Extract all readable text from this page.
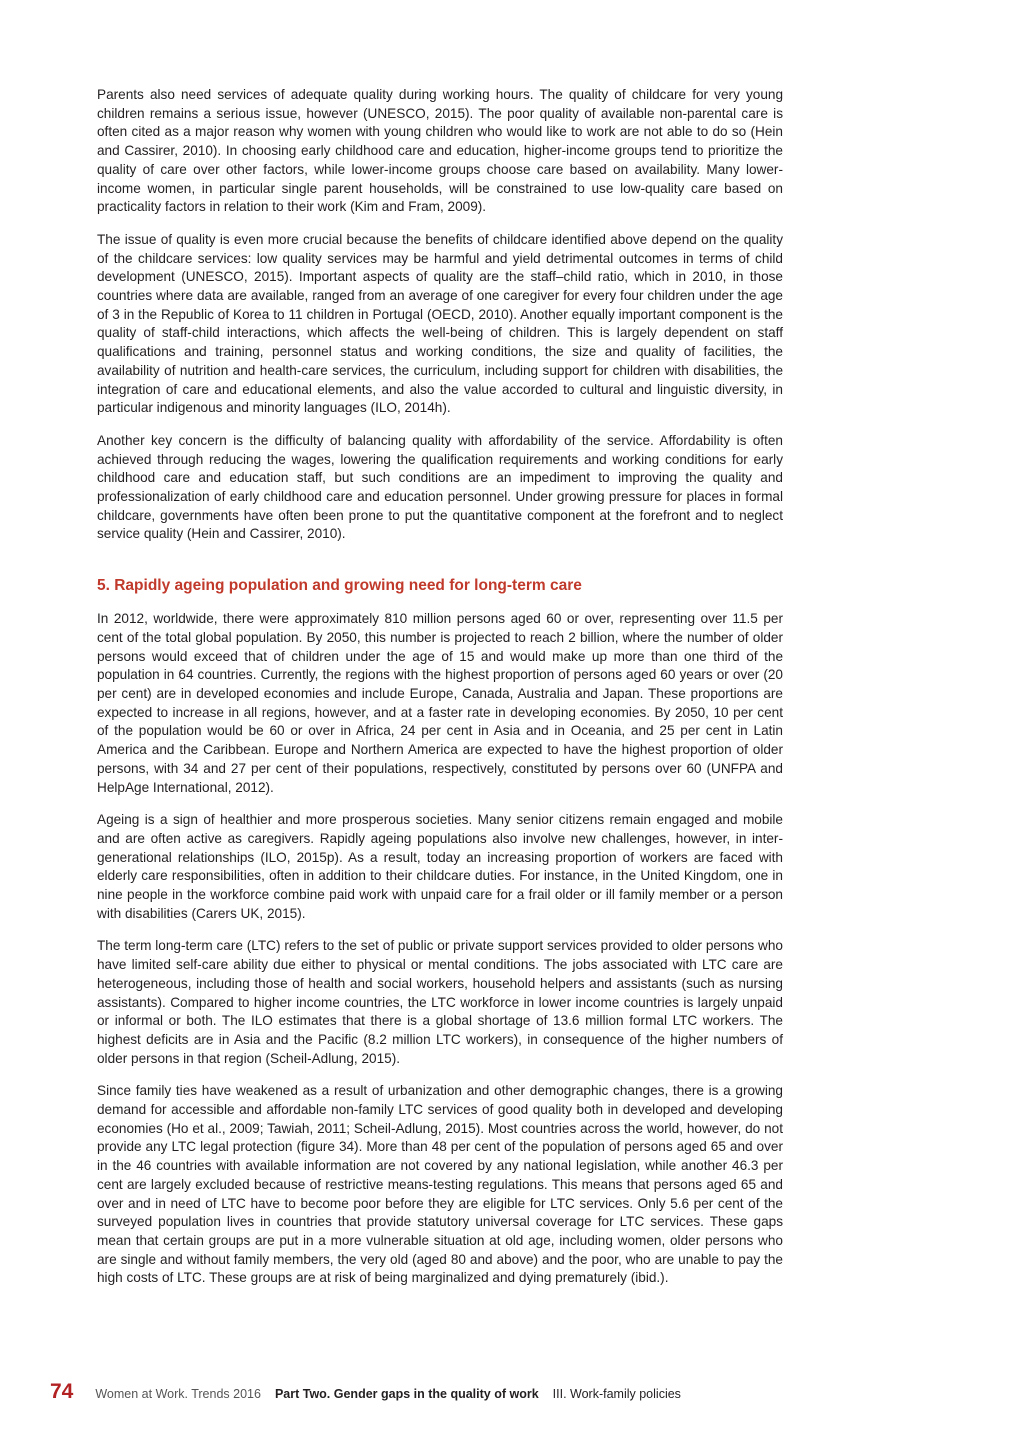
Parents also need services of adequate quality during working hours. The quality of childcare for very young children remains a serious issue, however (UNESCO, 2015). The poor quality of available non-parental care is often cited as a major reason why women with young children who would like to work are not able to do so (Hein and Cassirer, 2010). In choosing early childhood care and education, higher-income groups tend to prioritize the quality of care over other factors, while lower-income groups choose care based on availability. Many lower-income women, in particular single parent households, will be constrained to use low-quality care based on practicality factors in relation to their work (Kim and Fram, 2009).

The issue of quality is even more crucial because the benefits of childcare identified above depend on the quality of the childcare services: low quality services may be harmful and yield detrimental outcomes in terms of child development (UNESCO, 2015). Important aspects of quality are the staff–child ratio, which in 2010, in those countries where data are available, ranged from an average of one caregiver for every four children under the age of 3 in the Republic of Korea to 11 children in Portugal (OECD, 2010). Another equally important component is the quality of staff-child interactions, which affects the well-being of children. This is largely dependent on staff qualifications and training, personnel status and working conditions, the size and quality of facilities, the availability of nutrition and health-care services, the curriculum, including support for children with disabilities, the integration of care and educational elements, and also the value accorded to cultural and linguistic diversity, in particular indigenous and minority languages (ILO, 2014h).

Another key concern is the difficulty of balancing quality with affordability of the service. Affordability is often achieved through reducing the wages, lowering the qualification requirements and working conditions for early childhood care and education staff, but such conditions are an impediment to improving the quality and professionalization of early childhood care and education personnel. Under growing pressure for places in formal childcare, governments have often been prone to put the quantitative component at the forefront and to neglect service quality (Hein and Cassirer, 2010).

5. Rapidly ageing population and growing need for long-term care

In 2012, worldwide, there were approximately 810 million persons aged 60 or over, representing over 11.5 per cent of the total global population. By 2050, this number is projected to reach 2 billion, where the number of older persons would exceed that of children under the age of 15 and would make up more than one third of the population in 64 countries. Currently, the regions with the highest proportion of persons aged 60 years or over (20 per cent) are in developed economies and include Europe, Canada, Australia and Japan. These proportions are expected to increase in all regions, however, and at a faster rate in developing economies. By 2050, 10 per cent of the population would be 60 or over in Africa, 24 per cent in Asia and in Oceania, and 25 per cent in Latin America and the Caribbean. Europe and Northern America are expected to have the highest proportion of older persons, with 34 and 27 per cent of their populations, respectively, constituted by persons over 60 (UNFPA and HelpAge International, 2012).

Ageing is a sign of healthier and more prosperous societies. Many senior citizens remain engaged and mobile and are often active as caregivers. Rapidly ageing populations also involve new challenges, however, in inter-generational relationships (ILO, 2015p). As a result, today an increasing proportion of workers are faced with elderly care responsibilities, often in addition to their childcare duties. For instance, in the United Kingdom, one in nine people in the workforce combine paid work with unpaid care for a frail older or ill family member or a person with disabilities (Carers UK, 2015).

The term long-term care (LTC) refers to the set of public or private support services provided to older persons who have limited self-care ability due either to physical or mental conditions. The jobs associated with LTC care are heterogeneous, including those of health and social workers, household helpers and assistants (such as nursing assistants). Compared to higher income countries, the LTC workforce in lower income countries is largely unpaid or informal or both. The ILO estimates that there is a global shortage of 13.6 million formal LTC workers. The highest deficits are in Asia and the Pacific (8.2 million LTC workers), in consequence of the higher numbers of older persons in that region (Scheil-Adlung, 2015).

Since family ties have weakened as a result of urbanization and other demographic changes, there is a growing demand for accessible and affordable non-family LTC services of good quality both in developed and developing economies (Ho et al., 2009; Tawiah, 2011; Scheil-Adlung, 2015). Most countries across the world, however, do not provide any LTC legal protection (figure 34). More than 48 per cent of the population of persons aged 65 and over in the 46 countries with available information are not covered by any national legislation, while another 46.3 per cent are largely excluded because of restrictive means-testing regulations. This means that persons aged 65 and over and in need of LTC have to become poor before they are eligible for LTC services. Only 5.6 per cent of the surveyed population lives in countries that provide statutory universal coverage for LTC services. These gaps mean that certain groups are put in a more vulnerable situation at old age, including women, older persons who are single and without family members, the very old (aged 80 and above) and the poor, who are unable to pay the high costs of LTC. These groups are at risk of being marginalized and dying prematurely (ibid.).

74 Women at Work. Trends 2016 Part Two. Gender gaps in the quality of work III. Work-family policies
